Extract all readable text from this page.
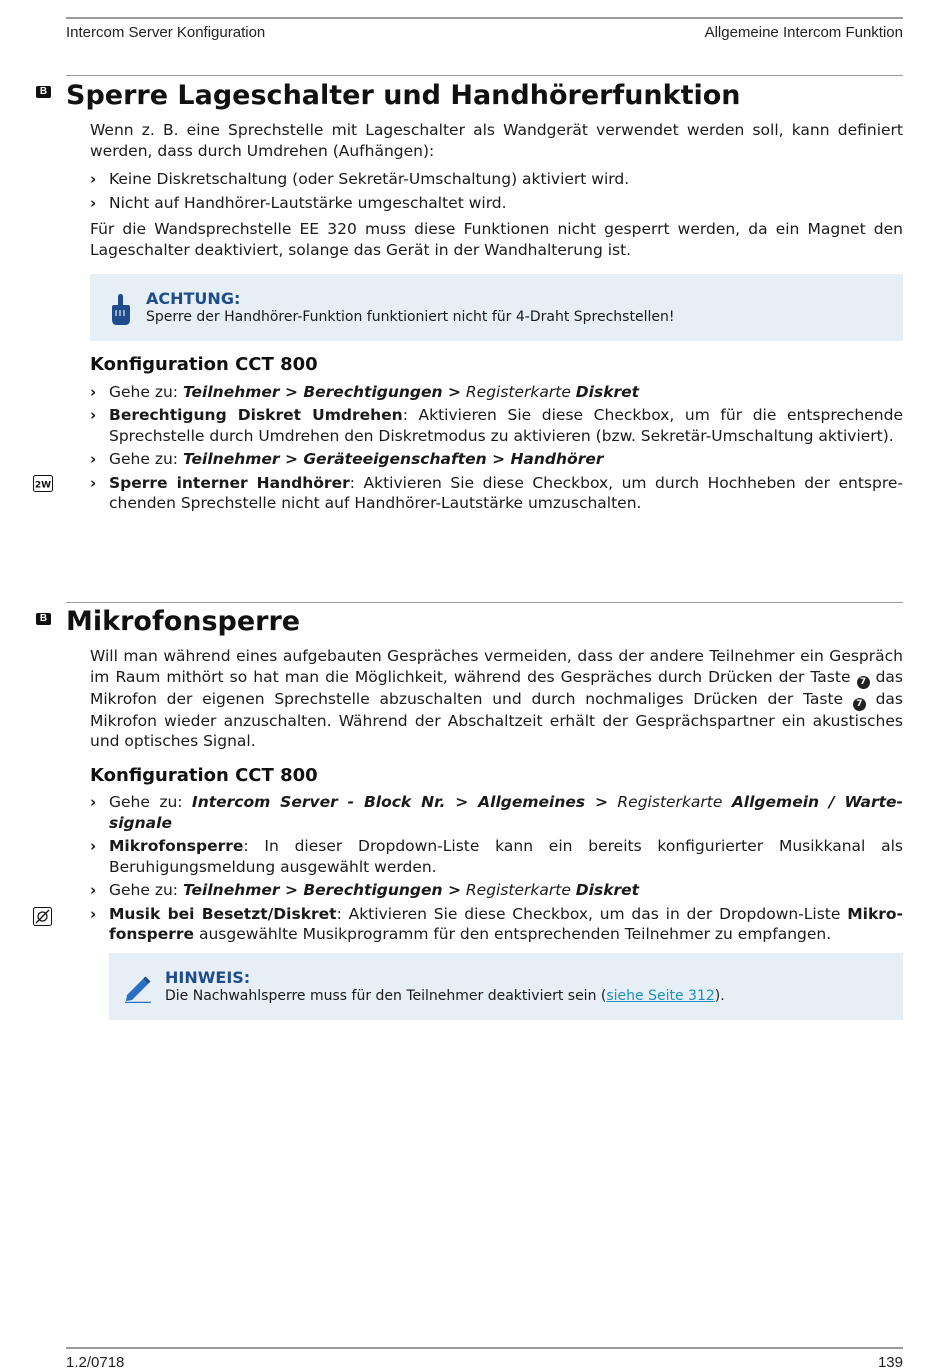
Intercom Server Konfiguration	Allgemeine Intercom Funktion
B Sperre Lageschalter und Handhörerfunktion

Wenn z. B. eine Sprechstelle mit Lageschalter als Wandgerät verwendet werden soll, kann definiert werden, dass durch Umdrehen (Aufhängen):

› Keine Diskretschaltung (oder Sekretär-Umschaltung) aktiviert wird.
› Nicht auf Handhörer-Lautstärke umgeschaltet wird.

Für die Wandsprechstelle EE 320 muss diese Funktionen nicht gesperrt werden, da ein Magnet den Lageschalter deaktiviert, solange das Gerät in der Wandhalterung ist.

ACHTUNG:
Sperre der Handhörer-Funktion funktioniert nicht für 4-Draht Sprechstellen!
Konfiguration CCT 800
› Gehe zu: Teilnehmer > Berechtigungen > Registerkarte Diskret
› Berechtigung Diskret Umdrehen: Aktivieren Sie diese Checkbox, um für die entsprechende Sprechstelle durch Umdrehen den Diskretmodus zu aktivieren (bzw. Sekretär-Umschaltung aktiviert).
› Gehe zu: Teilnehmer > Geräteeigenschaften > Handhörer
› Sperre interner Handhörer: Aktivieren Sie diese Checkbox, um durch Hochheben der entspre-chenden Sprechstelle nicht auf Handhörer-Lautstärke umzuschalten.
2W
B Mikrofonsperre

Will man während eines aufgebauten Gespräches vermeiden, dass der andere Teilnehmer ein Gespräch im Raum mithört so hat man die Möglichkeit, während des Gespräches durch Drücken der Taste 7 das Mikrofon der eigenen Sprechstelle abzuschalten und durch nochmaliges Drücken der Taste 7 das Mikrofon wieder anzuschalten. Während der Abschaltzeit erhält der Gesprächspartner ein akustisches und optisches Signal.

Konfiguration CCT 800
› Gehe zu: Intercom Server - Block Nr. > Allgemeines > Registerkarte Allgemein / Warte-signale
› Mikrofonsperre: In dieser Dropdown-Liste kann ein bereits konfigurierter Musikkanal als Beruhigungsmeldung ausgewählt werden.
› Gehe zu: Teilnehmer > Berechtigungen > Registerkarte Diskret
› Musik bei Besetzt/Diskret: Aktivieren Sie diese Checkbox, um das in der Dropdown-Liste Mikro-fonsperre ausgewählte Musikprogramm für den entsprechenden Teilnehmer zu empfangen.
HINWEIS:
Die Nachwahlsperre muss für den Teilnehmer deaktiviert sein (siehe Seite 312).
1.2/0718	139
